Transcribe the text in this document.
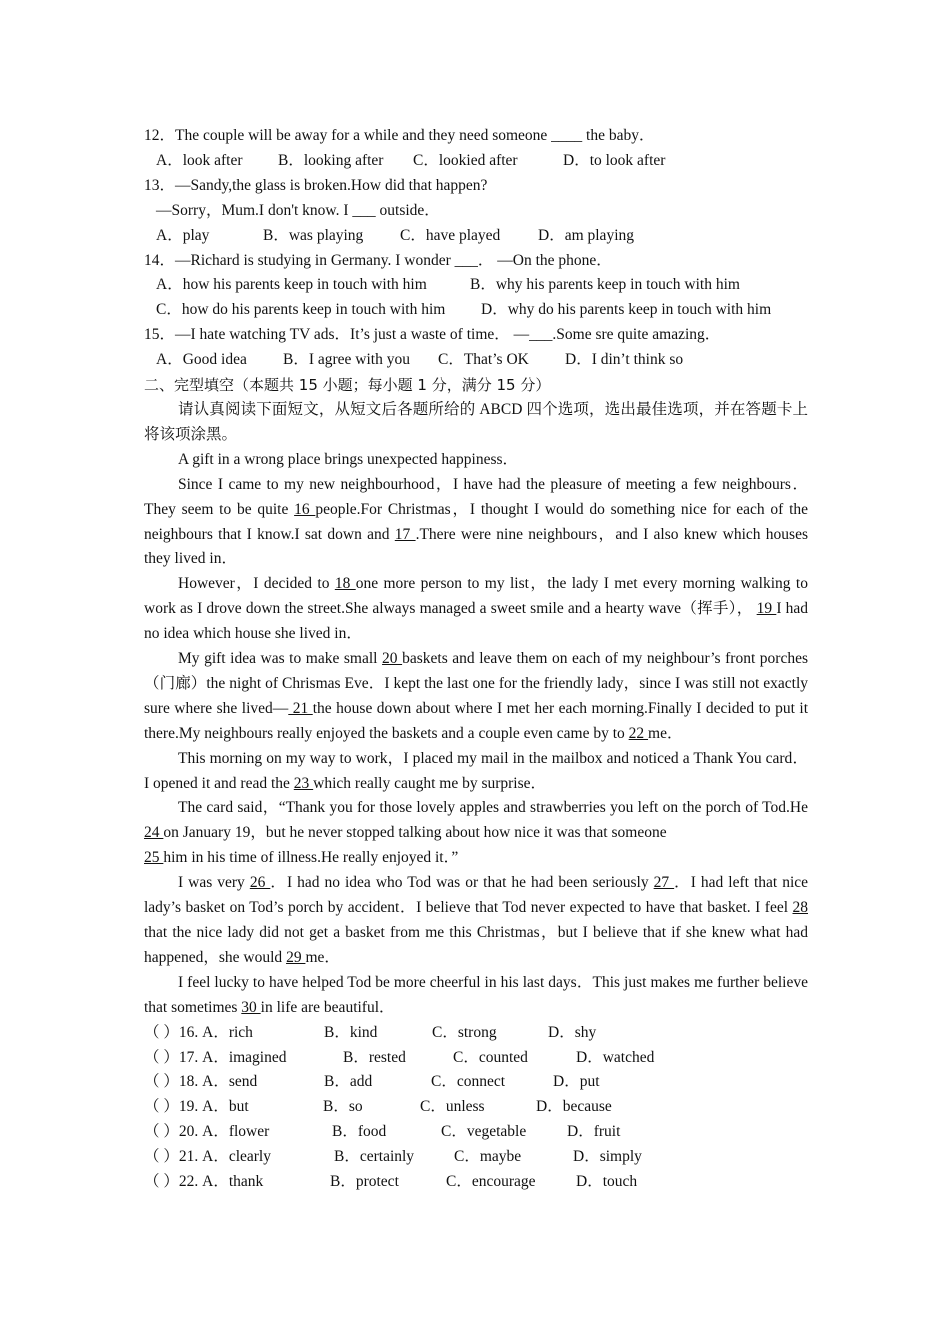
12．The couple will be away for a while and they need someone ____ the baby．
A．look after	B．looking after	C．lookied after	D．to look after
13．—Sandy,the glass is broken.How did that happen?
—Sorry，Mum.I don't know. I ___ outside．
A．play	B．was playing	C．have played	D．am playing
14．—Richard is studying in Germany. I wonder ___． —On the phone．
A．how his parents keep in touch with him	B．why his parents keep in touch with him
C．how do his parents keep in touch with him	D．why do his parents keep in touch with him
15．—I hate watching TV ads．It’s just a waste of time． —___.Some sre quite amazing．
A．Good idea	B．I agree with you	C．That’s OK	D．I din’t think so
二、完型填空（本题共 15 小题；每小题 1 分，满分 15 分）
请认真阅读下面短文，从短文后各题所给的 ABCD 四个选项，选出最佳选项，并在答题卡上将该项涂黑。
A gift in a wrong place brings unexpected happiness．
Since I came to my new neighbourhood，I have had the pleasure of meeting a few neighbours． They seem to be quite 16 people.For Christmas，I thought I would do something nice for each of the neighbours that I know.I sat down and 17 .There were nine neighbours，and I also knew which houses they lived in．
However，I decided to 18 one more person to my list，the lady I met every morning walking to work as I drove down the street.She always managed a sweet smile and a hearty wave（挥手）， 19 I had no idea which house she lived in．
My gift idea was to make small 20 baskets and leave them on each of my neighbour’s front porches（门廊）the night of Chrismas Eve．I kept the last one for the friendly lady，since I was still not exactly sure where she lived— 21 the house down about where I met her each morning.Finally I decided to put it there.My neighbours really enjoyed the baskets and a couple even came by to 22 me．
This morning on my way to work，I placed my mail in the mailbox and noticed a Thank You card．I opened it and read the 23 which really caught me by surprise．
The card said，“Thank you for those lovely apples and strawberries you left on the porch of Tod.He 24 on January 19，but he never stopped talking about how nice it was that someone
25 him in his time of illness.He really enjoyed it．”
I was very 26 ．I had no idea who Tod was or that he had been seriously 27 ．I had left that nice lady’s basket on Tod’s porch by accident．I believe that Tod never expected to have that basket. I feel 28 that the nice lady did not get a basket from me this Christmas，but I believe that if she knew what had happened，she would 29 me．
I feel lucky to have helped Tod be more cheerful in his last days．This just makes me further believe that sometimes 30 in life are beautiful．
（ ）16. A．rich	B．kind	C．strong	D．shy
（ ）17. A．imagined	B．rested	C．counted	D．watched
（ ）18. A．send	B．add	C．connect	D．put
（ ）19. A．but	B．so	C．unless	D．because
（ ）20. A．flower	B．food	C．vegetable	D．fruit
（ ）21. A．clearly	B．certainly	C．maybe	D．simply
（ ）22. A．thank	B．protect	C．encourage	D．touch
